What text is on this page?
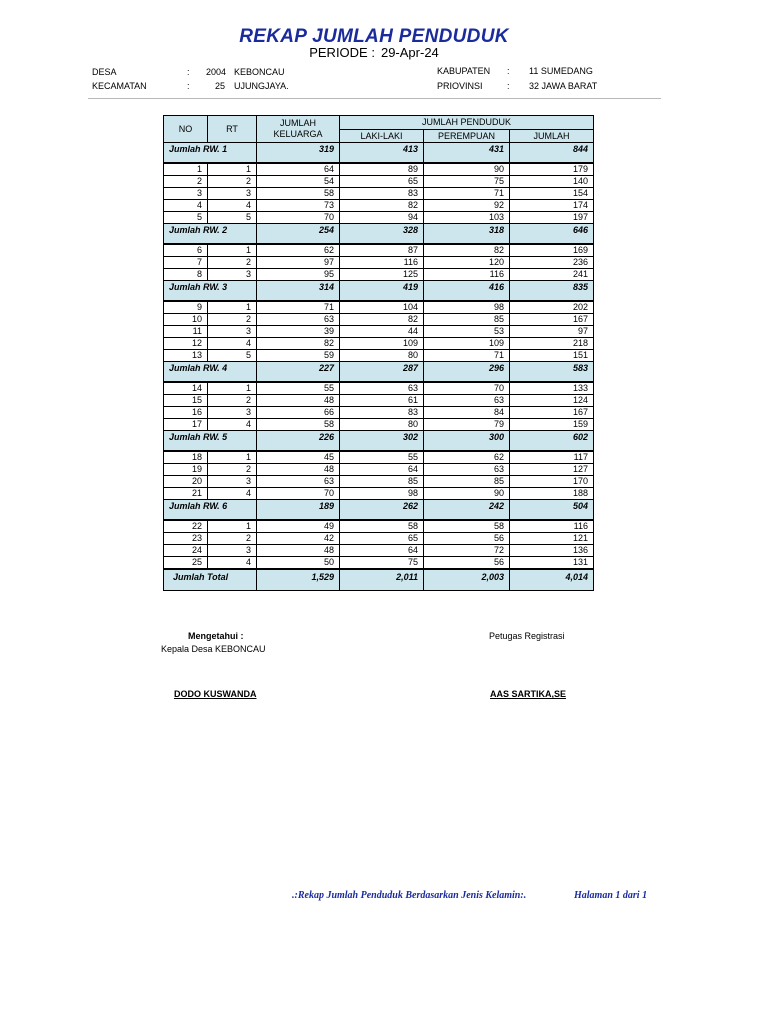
REKAP JUMLAH PENDUDUK
PERIODE : 29-Apr-24
DESA	: 2004 KEBONCAU
KECAMATAN	:	25 UJUNGJAYA.
KABUPATEN : 11 SUMEDANG
PRIOVINSI	: 32 JAWA BARAT
NO	RT	JUMLAH
KELUARGA	JUMLAH PENDUDUK		
			LAKI-LAKI	PEREMPUAN	JUMLAH
Jumlah RW. 1		319	413	431	844
1	1	64	89	90	179
2	2	54	65	75	140
3	3	58	83	71	154
4	4	73	82	92	174
5	5	70	94	103	197
Jumlah RW. 2		254	328	318	646
6	1	62	87	82	169
7	2	97	116	120	236
8	3	95	125	116	241
Jumlah RW. 3		314	419	416	835
9	1	71	104	98	202
10	2	63	82	85	167
11	3	39	44	53	97
12	4	82	109	109	218
13	5	59	80	71	151
Jumlah RW. 4		227	287	296	583
14	1	55	63	70	133
15	2	48	61	63	124
16	3	66	83	84	167
17	4	58	80	79	159
Jumlah RW. 5		226	302	300	602
18	1	45	55	62	117
19	2	48	64	63	127
20	3	63	85	85	170
21	4	70	98	90	188
Jumlah RW. 6		189	262	242	504
22	1	49	58	58	116
23	2	42	65	56	121
24	3	48	64	72	136
25	4	50	75	56	131
Jumlah Total		1,529	2,011	2,003	4,014
Mengetahui :
Kepala Desa KEBONCAU
Petugas Registrasi
DODO KUSWANDA	AAS SARTIKA,SE
.:Rekap Jumlah Penduduk Berdasarkan Jenis Kelamin:.	Halaman 1 dari 1
